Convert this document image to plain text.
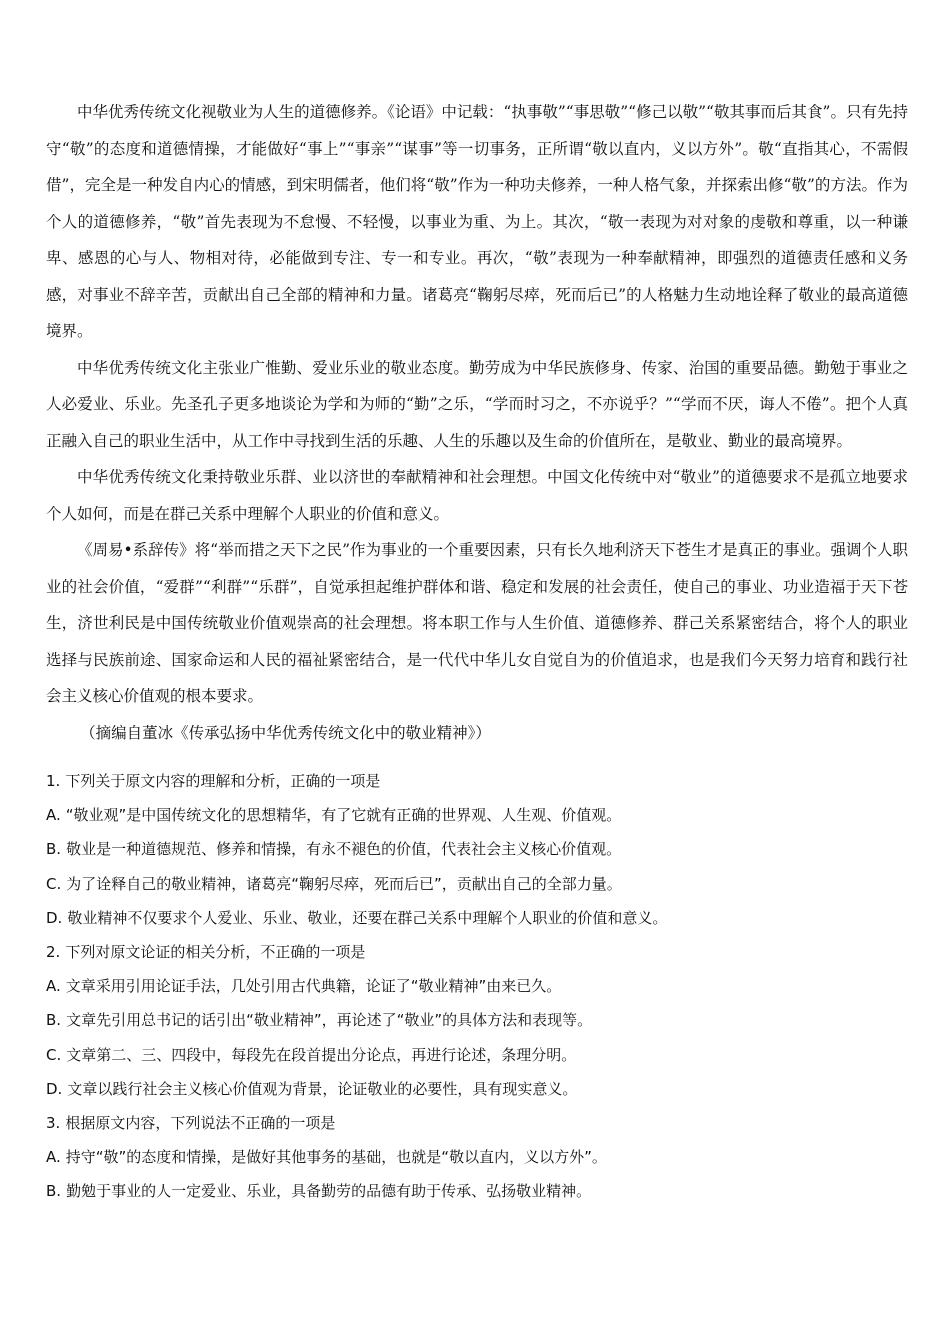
中华优秀传统文化视敬业为人生的道德修养。《论语》中记载：“执事敬”“事思敬”“修己以敬”“敬其事而后其食”。只有先持守“敬”的态度和道德情操，才能做好“事上”“事亲”“谋事”等一切事务，正所谓“敬以直内，义以方外”。敬“直指其心，不需假借”，完全是一种发自内心的情感，到宋明儒者，他们将“敬”作为一种功夫修养，一种人格气象，并探索出修“敬”的方法。作为个人的道德修养，“敬”首先表现为不怠慢、不轻慢，以事业为重、为上。其次，“敬一表现为对对象的虔敬和尊重，以一种谦卑、感恩的心与人、物相对待，必能做到专注、专一和专业。再次，“敬”表现为一种奉献精神，即强烈的道德责任感和义务感，对事业不辞辛苦，贡献出自己全部的精神和力量。诸葛亮“鞠躬尽瘁，死而后已”的人格魅力生动地诠释了敬业的最高道德境界。

中华优秀传统文化主张业广惟勤、爱业乐业的敬业态度。勤劳成为中华民族修身、传家、治国的重要品德。勤勉于事业之人必爱业、乐业。先圣孔子更多地谈论为学和为师的“勤”之乐，“学而时习之，不亦说乎？”“学而不厌，诲人不倦”。把个人真正融入自己的职业生活中，从工作中寻找到生活的乐趣、人生的乐趣以及生命的价值所在，是敬业、勤业的最高境界。

中华优秀传统文化秉持敬业乐群、业以济世的奉献精神和社会理想。中国文化传统中对“敬业”的道德要求不是孤立地要求个人如何，而是在群己关系中理解个人职业的价值和意义。

《周易•系辞传》将“举而措之天下之民”作为事业的一个重要因素，只有长久地利济天下苍生才是真正的事业。强调个人职业的社会价值，“爱群”“利群”“乐群”，自觉承担起维护群体和谐、稳定和发展的社会责任，使自己的事业、功业造福于天下苍生，济世利民是中国传统敬业价值观崇高的社会理想。将本职工作与人生价值、道德修养、群己关系紧密结合，将个人的职业选择与民族前途、国家命运和人民的福祉紧密结合，是一代代中华儿女自觉自为的价值追求，也是我们今天努力培育和践行社会主义核心价值观的根本要求。

（摘编自董冰《传承弘扬中华优秀传统文化中的敬业精神》）

1. 下列关于原文内容的理解和分析，正确的一项是

A. “敬业观”是中国传统文化的思想精华，有了它就有正确的世界观、人生观、价值观。

B. 敬业是一种道德规范、修养和情操，有永不褪色的价值，代表社会主义核心价值观。

C. 为了诠释自己的敬业精神，诸葛亮“鞠躬尽瘁，死而后已”，贡献出自己的全部力量。

D. 敬业精神不仅要求个人爱业、乐业、敬业，还要在群己关系中理解个人职业的价值和意义。

2. 下列对原文论证的相关分析，不正确的一项是

A. 文章采用引用论证手法，几处引用古代典籍，论证了“敬业精神”由来已久。

B. 文章先引用总书记的话引出“敬业精神”，再论述了“敬业”的具体方法和表现等。

C. 文章第二、三、四段中，每段先在段首提出分论点，再进行论述，条理分明。

D. 文章以践行社会主义核心价值观为背景，论证敬业的必要性，具有现实意义。

3. 根据原文内容，下列说法不正确的一项是

A. 持守“敬”的态度和情操，是做好其他事务的基础，也就是“敬以直内，义以方外”。

B. 勤勉于事业的人一定爱业、乐业，具备勤劳的品德有助于传承、弘扬敬业精神。
